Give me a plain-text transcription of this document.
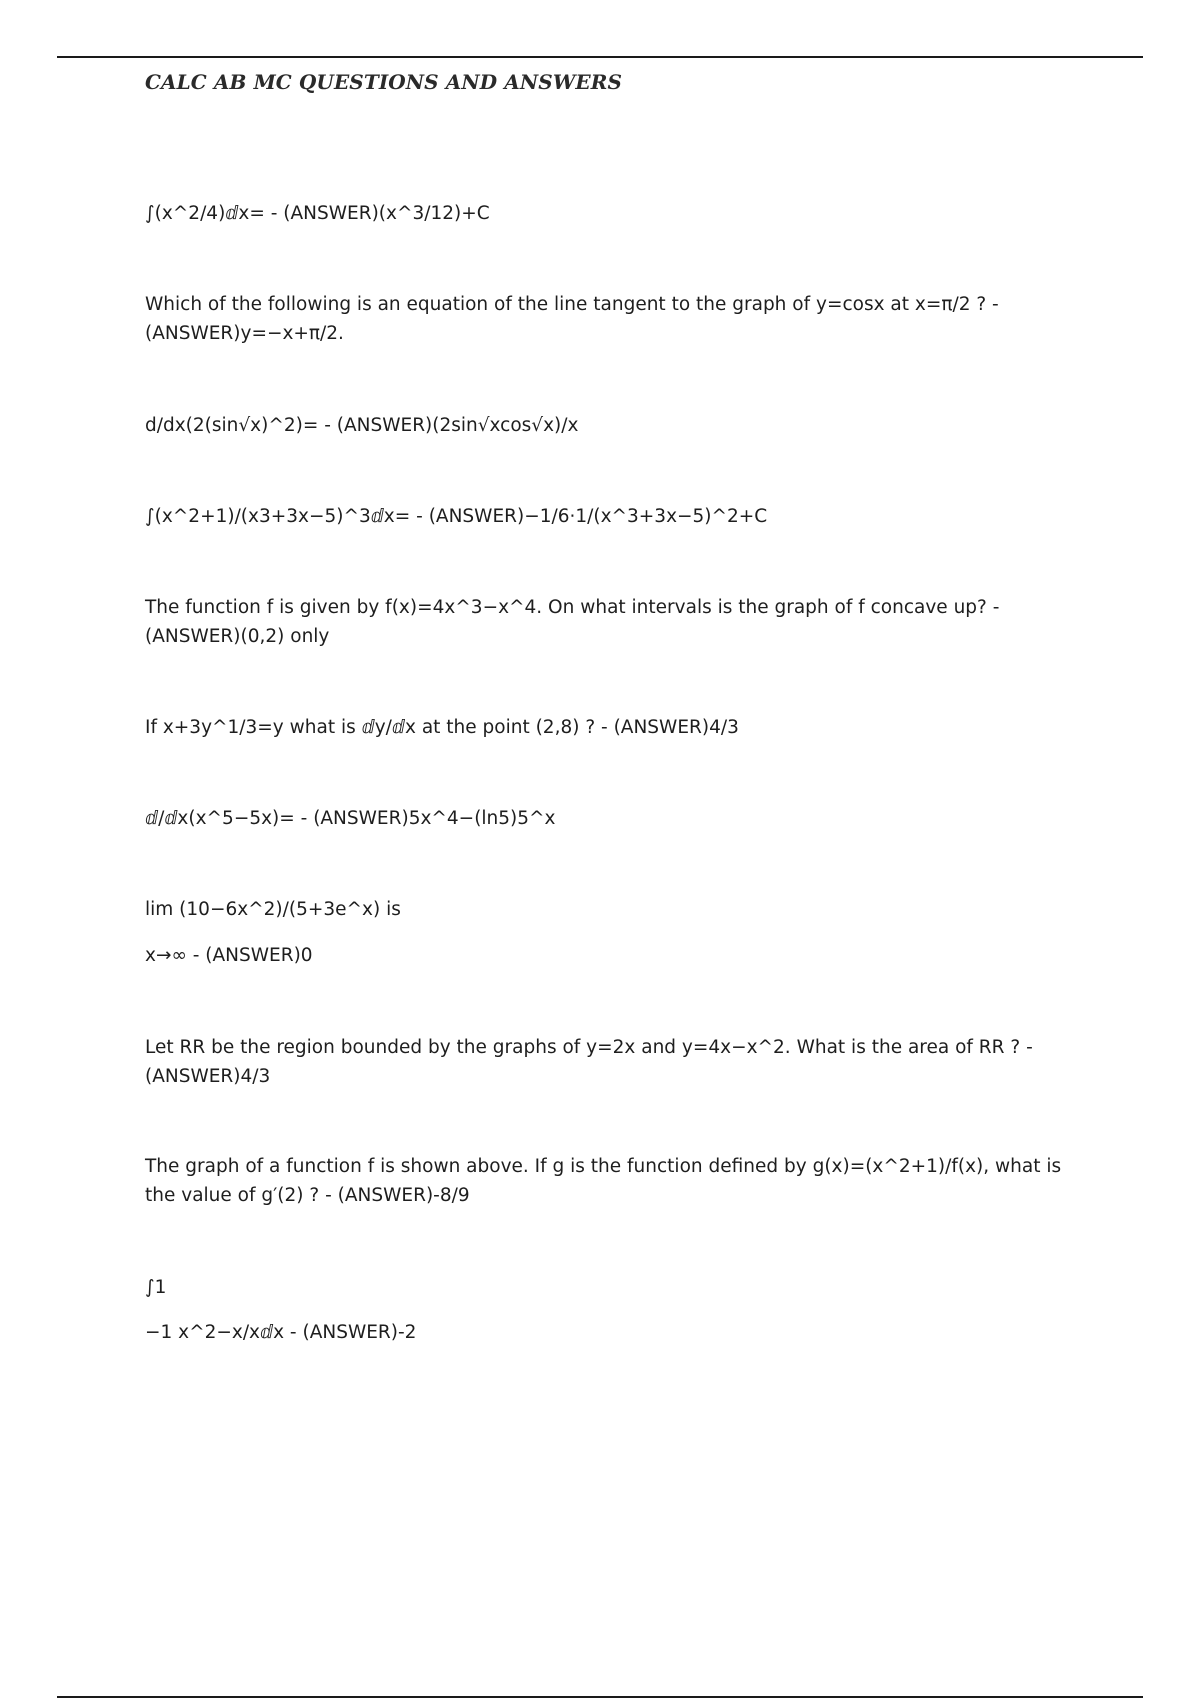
CALC AB MC QUESTIONS AND ANSWERS

∫(x^2/4)ⅆx= - (ANSWER)(x^3/12)+C

Which of the following is an equation of the line tangent to the graph of y=cosx at x=π/2 ? - (ANSWER)y=−x+π/2.

d/dx(2(sin√x)^2)= - (ANSWER)(2sin√xcos√x)/x

∫(x^2+1)/(x3+3x−5)^3ⅆx= - (ANSWER)−1/6⋅1/(x^3+3x−5)^2+C

The function f is given by f(x)=4x^3−x^4. On what intervals is the graph of f concave up? - (ANSWER)(0,2) only

If x+3y^1/3=y what is ⅆy/ⅆx at the point (2,8) ? - (ANSWER)4/3

ⅆ/ⅆx(x^5−5x)= - (ANSWER)5x^4−(ln5)5^x

lim (10−6x^2)/(5+3e^x) is

x→∞ - (ANSWER)0

Let RR be the region bounded by the graphs of y=2x and y=4x−x^2. What is the area of RR ? - (ANSWER)4/3

The graph of a function f is shown above. If g is the function defined by g(x)=(x^2+1)/f(x), what is the value of g′(2) ? - (ANSWER)-8/9

∫1

−1 x^2−x/xⅆx - (ANSWER)-2
